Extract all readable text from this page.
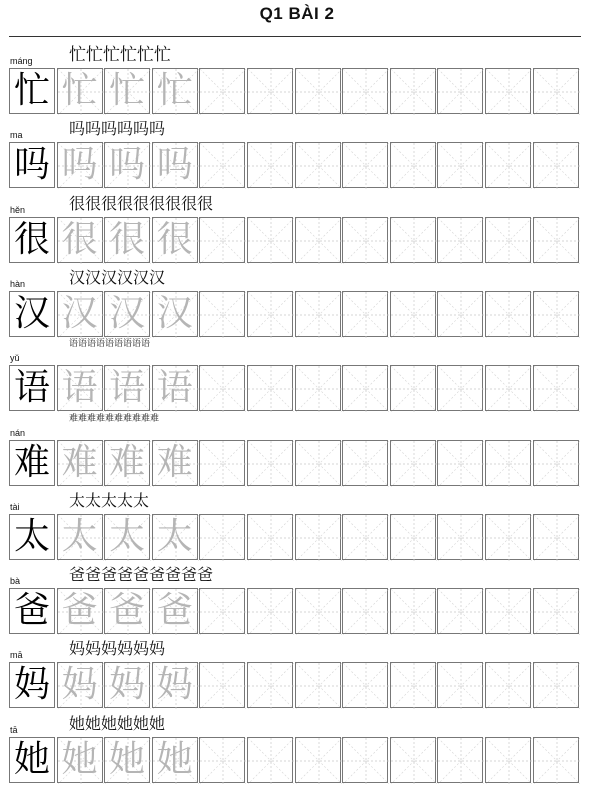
Q1 BÀI 2
máng 忙忙忙忙忙忙
忙 忙 忙 忙
ma	吗吗吗吗吗吗
吗 吗 吗 吗
hěn	很很很很很很很很很
很 很 很 很
hàn	汉汉汉汉汉汉
汉 汉 汉 汉
yǔ
语语语语语语语语语
语 语 语 语
nán
难难难难难难难难难难
难 难 难 难
tài	太太太太太
太 太 太 太
bà	爸爸爸爸爸爸爸爸爸
爸 爸 爸 爸
mā	妈妈妈妈妈妈
妈 妈 妈 妈
tā	她她她她她她
她 她 她 她
